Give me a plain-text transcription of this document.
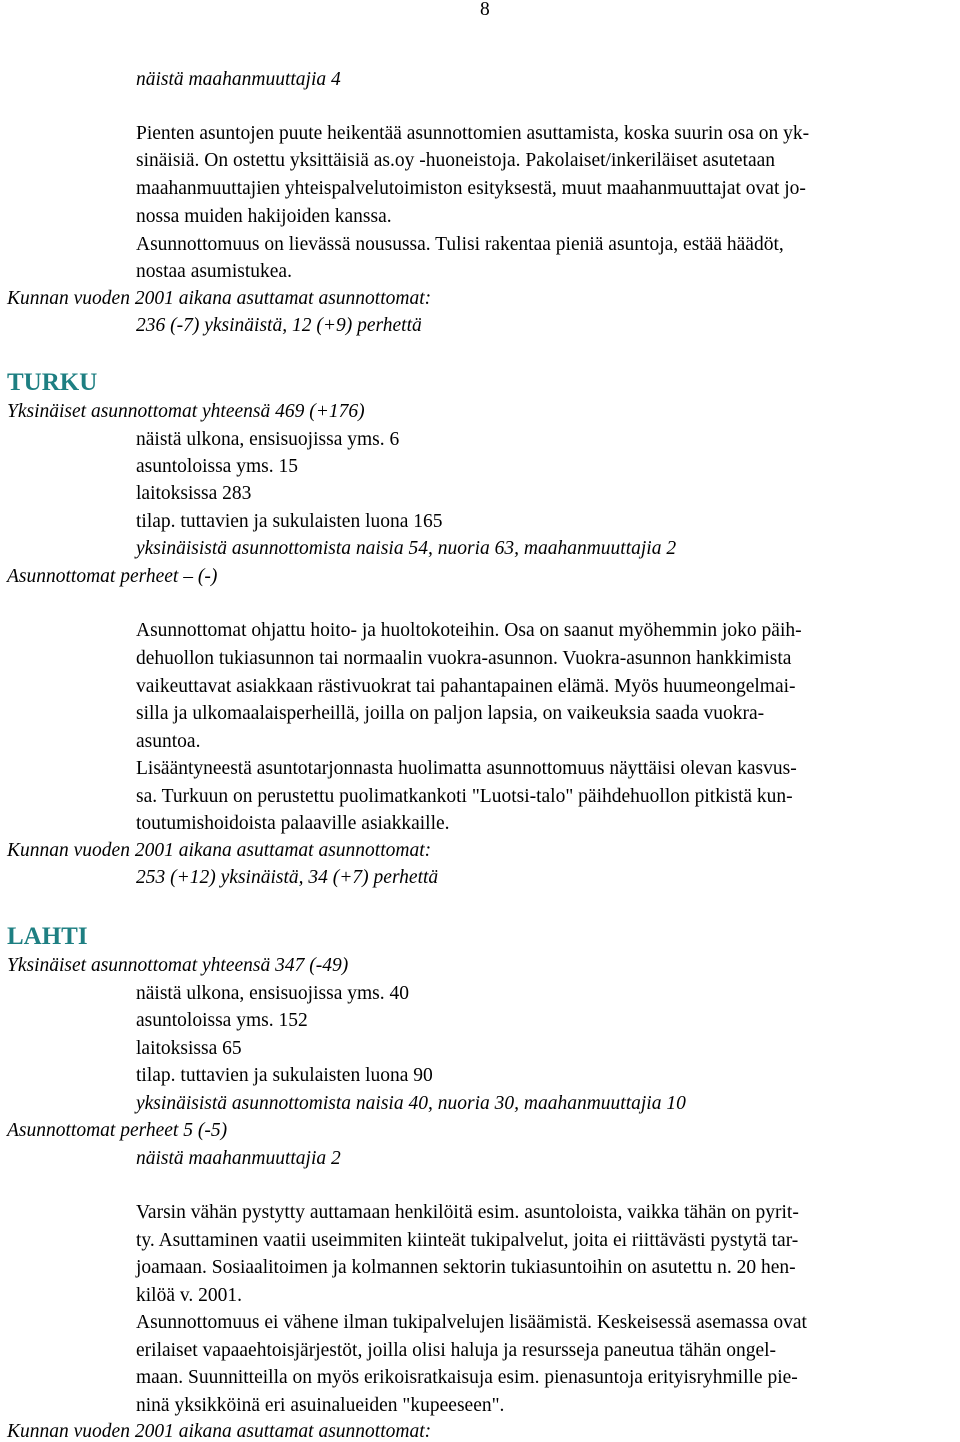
8
näistä maahanmuuttajia 4
Pienten asuntojen puute heikentää asunnottomien asuttamista, koska suurin osa on yk-
sinäisiä. On ostettu yksittäisiä as.oy -huoneistoja. Pakolaiset/inkeriläiset asutetaan
maahanmuuttajien yhteispalvelutoimiston esityksestä, muut maahanmuuttajat ovat jo-
nossa muiden hakijoiden kanssa.
Asunnottomuus on lievässä nousussa. Tulisi rakentaa pieniä asuntoja, estää häädöt,
nostaa asumistukea.
Kunnan vuoden 2001 aikana asuttamat asunnottomat:
236 (-7) yksinäistä, 12 (+9) perhettä
TURKU
Yksinäiset asunnottomat yhteensä 469 (+176)
näistä ulkona, ensisuojissa yms. 6
asuntoloissa yms. 15
laitoksissa 283
tilap. tuttavien ja sukulaisten luona 165
yksinäisistä asunnottomista naisia 54, nuoria 63, maahanmuuttajia 2
Asunnottomat perheet – (-)
Asunnottomat ohjattu hoito- ja huoltokoteihin. Osa on saanut myöhemmin joko päih-
dehuollon tukiasunnon tai normaalin vuokra-asunnon. Vuokra-asunnon hankkimista
vaikeuttavat asiakkaan rästivuokrat tai pahantapainen elämä. Myös huumeongelmai-
silla ja ulkomaalaisperheillä, joilla on paljon lapsia, on vaikeuksia saada vuokra-
asuntoa.
Lisääntyneestä asuntotarjonnasta huolimatta asunnottomuus näyttäisi olevan kasvus-
sa. Turkuun on perustettu puolimatkankoti "Luotsi-talo" päihdehuollon pitkistä kun-
toutumishoidoista palaaville asiakkaille.
Kunnan vuoden 2001 aikana asuttamat asunnottomat:
253 (+12) yksinäistä, 34 (+7) perhettä
LAHTI
Yksinäiset asunnottomat yhteensä 347 (-49)
näistä ulkona, ensisuojissa yms. 40
asuntoloissa yms. 152
laitoksissa 65
tilap. tuttavien ja sukulaisten luona 90
yksinäisistä asunnottomista naisia 40, nuoria 30, maahanmuuttajia 10
Asunnottomat perheet 5 (-5)
näistä maahanmuuttajia 2
Varsin vähän pystytty auttamaan henkilöitä esim. asuntoloista, vaikka tähän on pyrit-
ty. Asuttaminen vaatii useimmiten kiinteät tukipalvelut, joita ei riittävästi pystytä tar-
joamaan. Sosiaalitoimen ja kolmannen sektorin tukiasuntoihin on asutettu n. 20 hen-
kilöä v. 2001.
Asunnottomuus ei vähene ilman tukipalvelujen lisäämistä. Keskeisessä asemassa ovat
erilaiset vapaaehtoisjärjestöt, joilla olisi haluja ja resursseja paneutua tähän ongel-
maan. Suunnitteilla on myös erikoisratkaisuja esim. pienasuntoja erityisryhmille pie-
ninä yksikköinä eri asuinalueiden "kupeeseen".
Kunnan vuoden 2001 aikana asuttamat asunnottomat:
